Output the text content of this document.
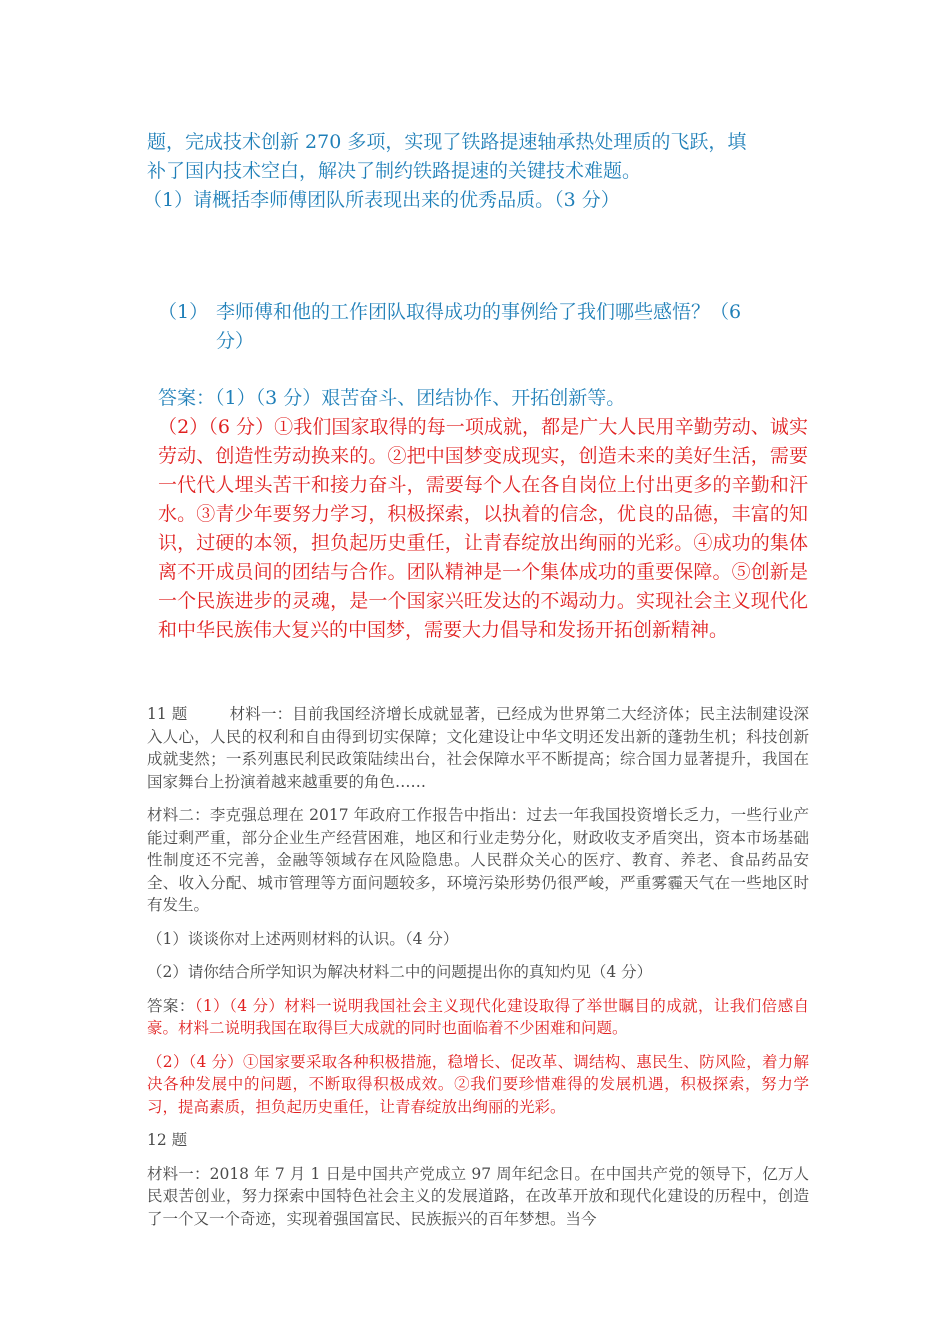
题，完成技术创新 270 多项，实现了铁路提速轴承热处理质的飞跃，填

补了国内技术空白，解决了制约铁路提速的关键技术难题。

（1）请概括李师傅团队所表现出来的优秀品质。（3 分）

（1） 李师傅和他的工作团队取得成功的事例给了我们哪些感悟？（6

分）

答案：（1）（3 分）艰苦奋斗、团结协作、开拓创新等。

（2）（6 分）①我们国家取得的每一项成就，都是广大人民用辛勤劳动、诚实劳动、创造性劳动换来的。②把中国梦变成现实，创造未来的美好生活，需要一代代人埋头苦干和接力奋斗，需要每个人在各自岗位上付出更多的辛勤和汗水。③青少年要努力学习，积极探索，以执着的信念，优良的品德，丰富的知识，过硬的本领，担负起历史重任，让青春绽放出绚丽的光彩。④成功的集体离不开成员间的团结与合作。团队精神是一个集体成功的重要保障。⑤创新是一个民族进步的灵魂，是一个国家兴旺发达的不竭动力。实现社会主义现代化和中华民族伟大复兴的中国梦，需要大力倡导和发扬开拓创新精神。

11 题	材料一：目前我国经济增长成就显著，已经成为世界第二大经济体；民主法制建设深入人心，人民的权利和自由得到切实保障；文化建设让中华文明还发出新的蓬勃生机；科技创新成就斐然；一系列惠民利民政策陆续出台，社会保障水平不断提高；综合国力显著提升，我国在国家舞台上扮演着越来越重要的角色……

材料二：李克强总理在 2017 年政府工作报告中指出：过去一年我国投资增长乏力，一些行业产能过剩严重，部分企业生产经营困难，地区和行业走势分化，财政收支矛盾突出，资本市场基础性制度还不完善，金融等领域存在风险隐患。人民群众关心的医疗、教育、养老、食品药品安全、收入分配、城市管理等方面问题较多，环境污染形势仍很严峻，严重雾霾天气在一些地区时有发生。

（1）谈谈你对上述两则材料的认识。（4 分）

（2）请你结合所学知识为解决材料二中的问题提出你的真知灼见（4 分）

答案：（1）（4 分）材料一说明我国社会主义现代化建设取得了举世瞩目的成就，让我们倍感自豪。材料二说明我国在取得巨大成就的同时也面临着不少困难和问题。

（2）（4 分）①国家要采取各种积极措施，稳增长、促改革、调结构、惠民生、防风险，着力解决各种发展中的问题，不断取得积极成效。②我们要珍惜难得的发展机遇，积极探索，努力学习，提高素质，担负起历史重任，让青春绽放出绚丽的光彩。

12 题

材料一：2018 年 7 月 1 日是中国共产党成立 97 周年纪念日。在中国共产党的领导下，亿万人民艰苦创业，努力探索中国特色社会主义的发展道路，在改革开放和现代化建设的历程中，创造了一个又一个奇迹，实现着强国富民、民族振兴的百年梦想。当今
